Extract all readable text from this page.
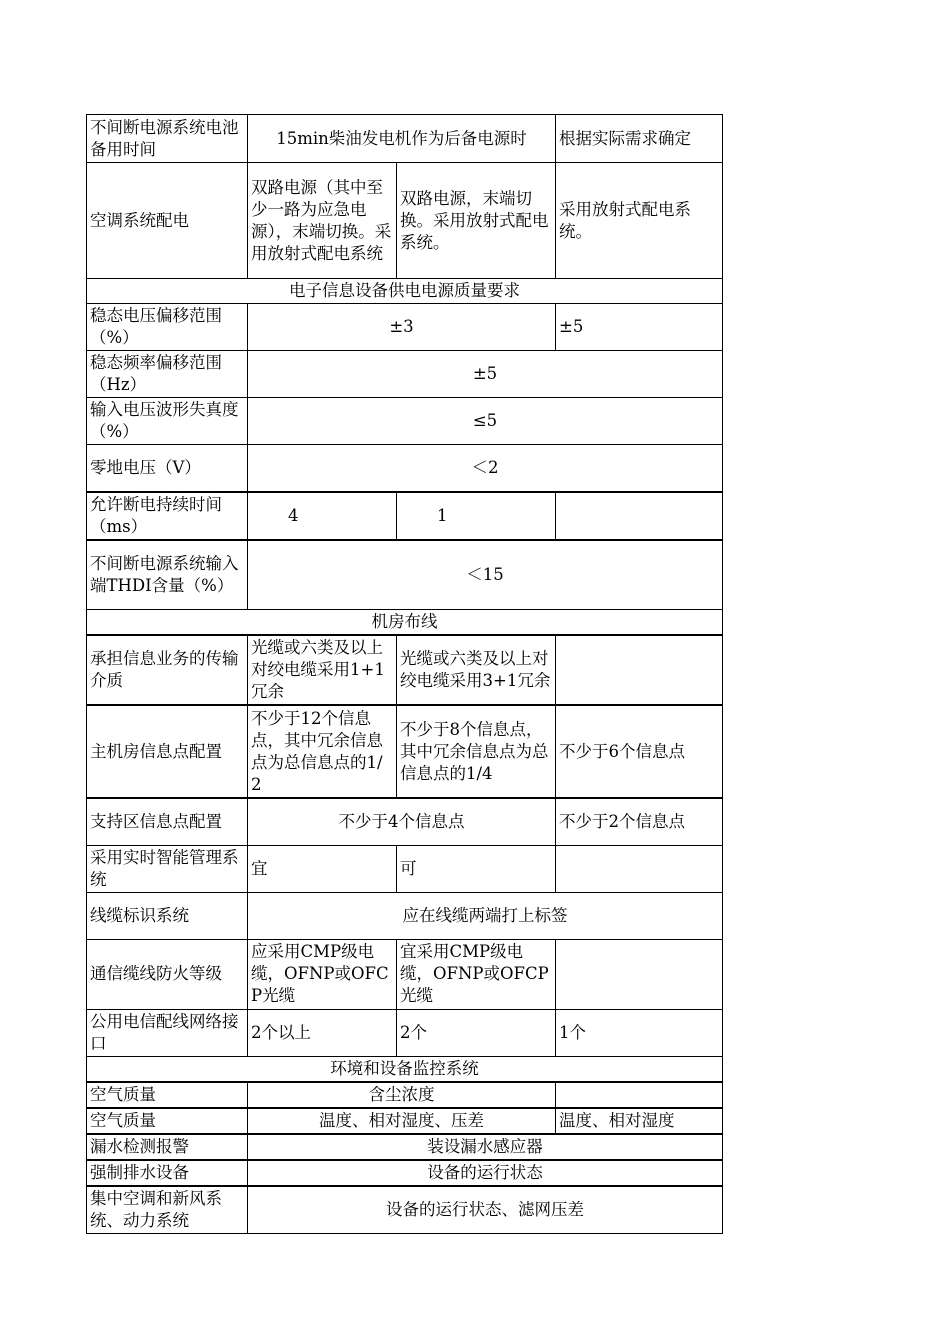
不间断电源系统电池备用时间	15min柴油发电机作为后备电源时		根据实际需求确定
空调系统配电	双路电源（其中至少一路为应急电源），末端切换。采用放射式配电系统	双路电源，末端切换。采用放射式配电系统。	采用放射式配电系统。
电子信息设备供电电源质量要求			
稳态电压偏移范围（%）	±3		±5
稳态频率偏移范围（Hz）	±5		
输入电压波形失真度（%）	≤5		
零地电压（V）	＜2		
允许断电持续时间（ms）	4	1	
不间断电源系统输入端THDI含量（%）	＜15		
机房布线			
承担信息业务的传输介质	光缆或六类及以上对绞电缆采用1+1冗余	光缆或六类及以上对绞电缆采用3+1冗余	
主机房信息点配置	不少于12个信息点，其中冗余信息点为总信息点的1/2	不少于8个信息点，其中冗余信息点为总信息点的1/4	不少于6个信息点
支持区信息点配置	不少于4个信息点		不少于2个信息点
采用实时智能管理系统	宜	可	
线缆标识系统	应在线缆两端打上标签		
通信缆线防火等级	应采用CMP级电缆，OFNP或OFCP光缆	宜采用CMP级电缆，OFNP或OFCP光缆	
公用电信配线网络接口	2个以上	2个	1个
环境和设备监控系统			
空气质量	含尘浓度		
空气质量	温度、相对湿度、压差		温度、相对湿度
漏水检测报警	装设漏水感应器		
强制排水设备	设备的运行状态		
集中空调和新风系统、动力系统	设备的运行状态、滤网压差		
